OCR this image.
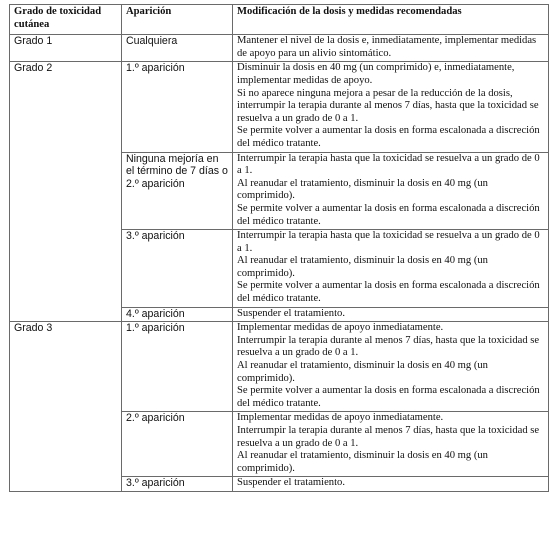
Grado de toxicidad cutánea	Aparición	Modificación de la dosis y medidas recomendadas
Grado 1	Cualquiera	Mantener el nivel de la dosis e, inmediatamente, implementar medidas de apoyo para un alivio sintomático.

Grado 2	1.º aparición	Disminuir la dosis en 40 mg (un comprimido) e, inmediatamente, implementar medidas de apoyo.
Si no aparece ninguna mejora a pesar de la reducción de la dosis, interrumpir la terapia durante al menos 7 días, hasta que la toxicidad se resuelva a un grado de 0 a 1.
Se permite volver a aumentar la dosis en forma escalonada a discreción del médico tratante.

	Ninguna mejoría en el término de 7 días o 2.º aparición	Interrumpir la terapia hasta que la toxicidad se resuelva a un grado de 0 a 1.
Al reanudar el tratamiento, disminuir la dosis en 40 mg (un comprimido).
Se permite volver a aumentar la dosis en forma escalonada a discreción del médico tratante.

	3.º aparición	Interrumpir la terapia hasta que la toxicidad se resuelva a un grado de 0 a 1.
Al reanudar el tratamiento, disminuir la dosis en 40 mg (un comprimido).
Se permite volver a aumentar la dosis en forma escalonada a discreción del médico tratante.

	4.º aparición	Suspender el tratamiento.

Grado 3	1.º aparición	Implementar medidas de apoyo inmediatamente.
Interrumpir la terapia durante al menos 7 días, hasta que la toxicidad se resuelva a un grado de 0 a 1.
Al reanudar el tratamiento, disminuir la dosis en 40 mg (un comprimido).
Se permite volver a aumentar la dosis en forma escalonada a discreción del médico tratante.

	2.º aparición	Implementar medidas de apoyo inmediatamente.
Interrumpir la terapia durante al menos 7 días, hasta que la toxicidad se resuelva a un grado de 0 a 1.
Al reanudar el tratamiento, disminuir la dosis en 40 mg (un comprimido).

	3.º aparición	Suspender el tratamiento.
